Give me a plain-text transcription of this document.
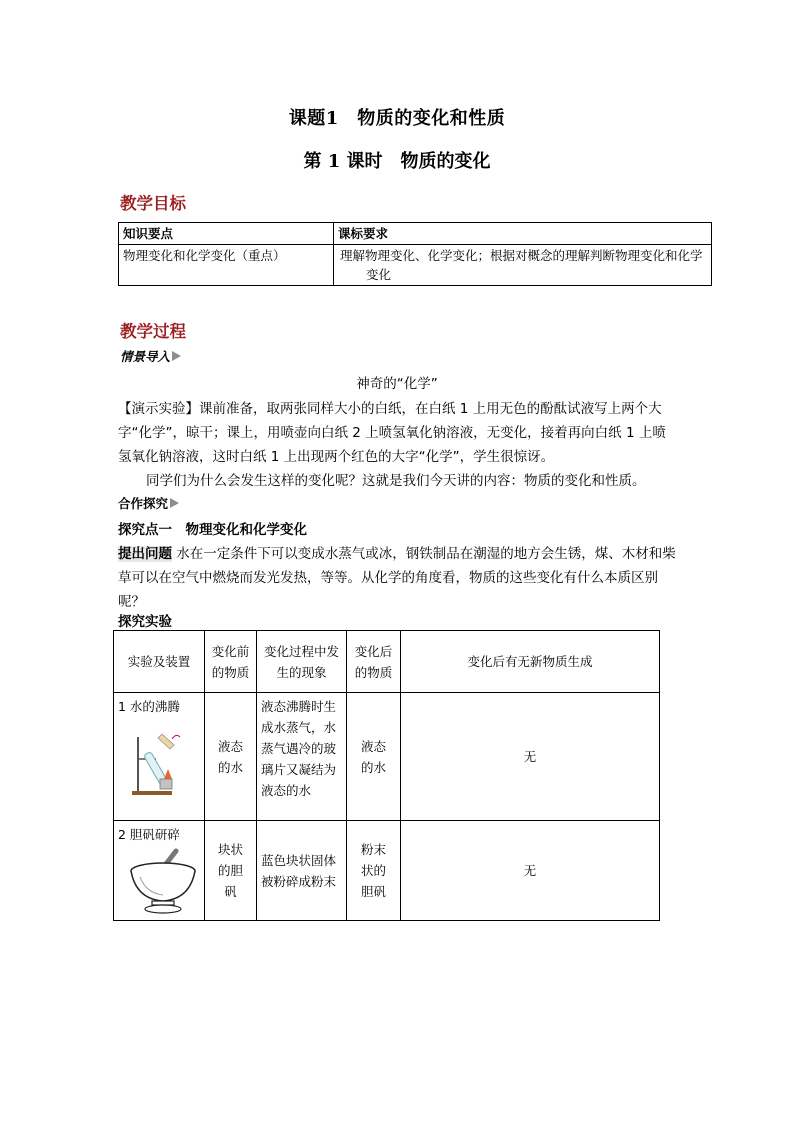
课题1　物质的变化和性质
第 1 课时　物质的变化
教学目标
知识要点	课标要求
物理变化和化学变化（重点）	理解物理变化、化学变化；根据对概念的理解判断物理变化和化学变化
教学过程
情景导入
神奇的“化学”
【演示实验】课前准备，取两张同样大小的白纸，在白纸 1 上用无色的酚酞试液写上两个大字“化学”，晾干；课上，用喷壶向白纸 2 上喷氢氧化钠溶液，无变化，接着再向白纸 1 上喷氢氧化钠溶液，这时白纸 1 上出现两个红色的大字“化学”，学生很惊讶。
同学们为什么会发生这样的变化呢？这就是我们今天讲的内容：物质的变化和性质。
合作探究
探究点一　物理变化和化学变化
提出问题 水在一定条件下可以变成水蒸气或冰，钢铁制品在潮湿的地方会生锈，煤、木材和柴草可以在空气中燃烧而发光发热，等等。从化学的角度看，物质的这些变化有什么本质区别呢？
探究实验
实验及装置	变化前的物质	变化过程中发生的现象	变化后的物质	变化后有无新物质生成

1 水的沸腾	液态的水	液态沸腾时生成水蒸气，水蒸气遇冷的玻璃片又凝结为液态的水	液态的水	无

2 胆矾研碎	块状的胆矾	蓝色块状固体被粉碎成粉末	粉末状的胆矾	无
